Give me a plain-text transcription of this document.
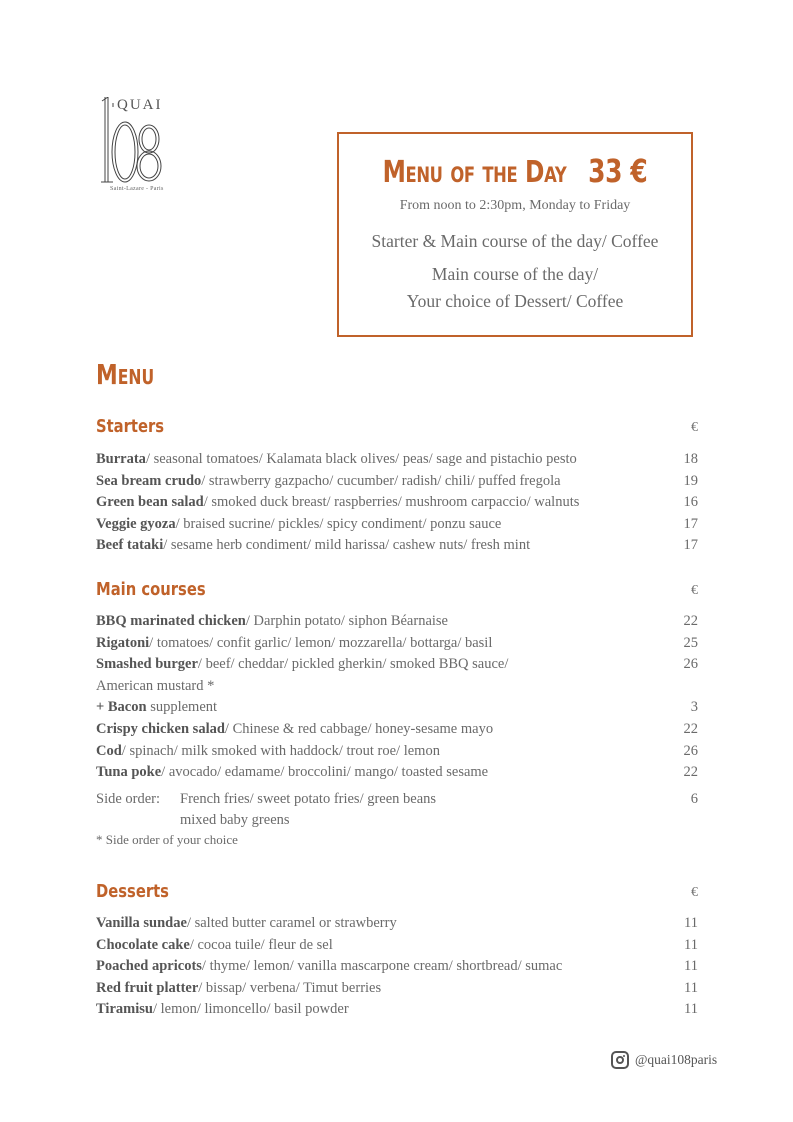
QUAI
Saint-Lazare - Paris	Menu of the Day 33 €
From noon to 2:30pm, Monday to Friday
Starter & Main course of the day/ Coffee
Main course of the day/
Your choice of Dessert/ Coffee
Menu
Starters	€
Burrata/ seasonal tomatoes/ Kalamata black olives/ peas/ sage and pistachio pesto	18
Sea bream crudo/ strawberry gazpacho/ cucumber/ radish/ chili/ puffed fregola	19
Green bean salad/ smoked duck breast/ raspberries/ mushroom carpaccio/ walnuts	16
Veggie gyoza/ braised sucrine/ pickles/ spicy condiment/ ponzu sauce	17
Beef tataki/ sesame herb condiment/ mild harissa/ cashew nuts/ fresh mint	17
Main courses	€
BBQ marinated chicken/ Darphin potato/ siphon Béarnaise	22
Rigatoni/ tomatoes/ confit garlic/ lemon/ mozzarella/ bottarga/ basil	25
Smashed burger/ beef/ cheddar/ pickled gherkin/ smoked BBQ sauce/	26
American mustard *
+ Bacon supplement	3
Crispy chicken salad/ Chinese & red cabbage/ honey-sesame mayo	22
Cod/ spinach/ milk smoked with haddock/ trout roe/ lemon	26
Tuna poke/ avocado/ edamame/ broccolini/ mango/ toasted sesame	22
Side order: French fries/ sweet potato fries/ green beans	6
mixed baby greens
* Side order of your choice
Desserts	€
Vanilla sundae/ salted butter caramel or strawberry	11
Chocolate cake/ cocoa tuile/ fleur de sel	11
Poached apricots/ thyme/ lemon/ vanilla mascarpone cream/ shortbread/ sumac	11
Red fruit platter/ bissap/ verbena/ Timut berries	11
Tiramisu/ lemon/ limoncello/ basil powder	11
@quai108paris
